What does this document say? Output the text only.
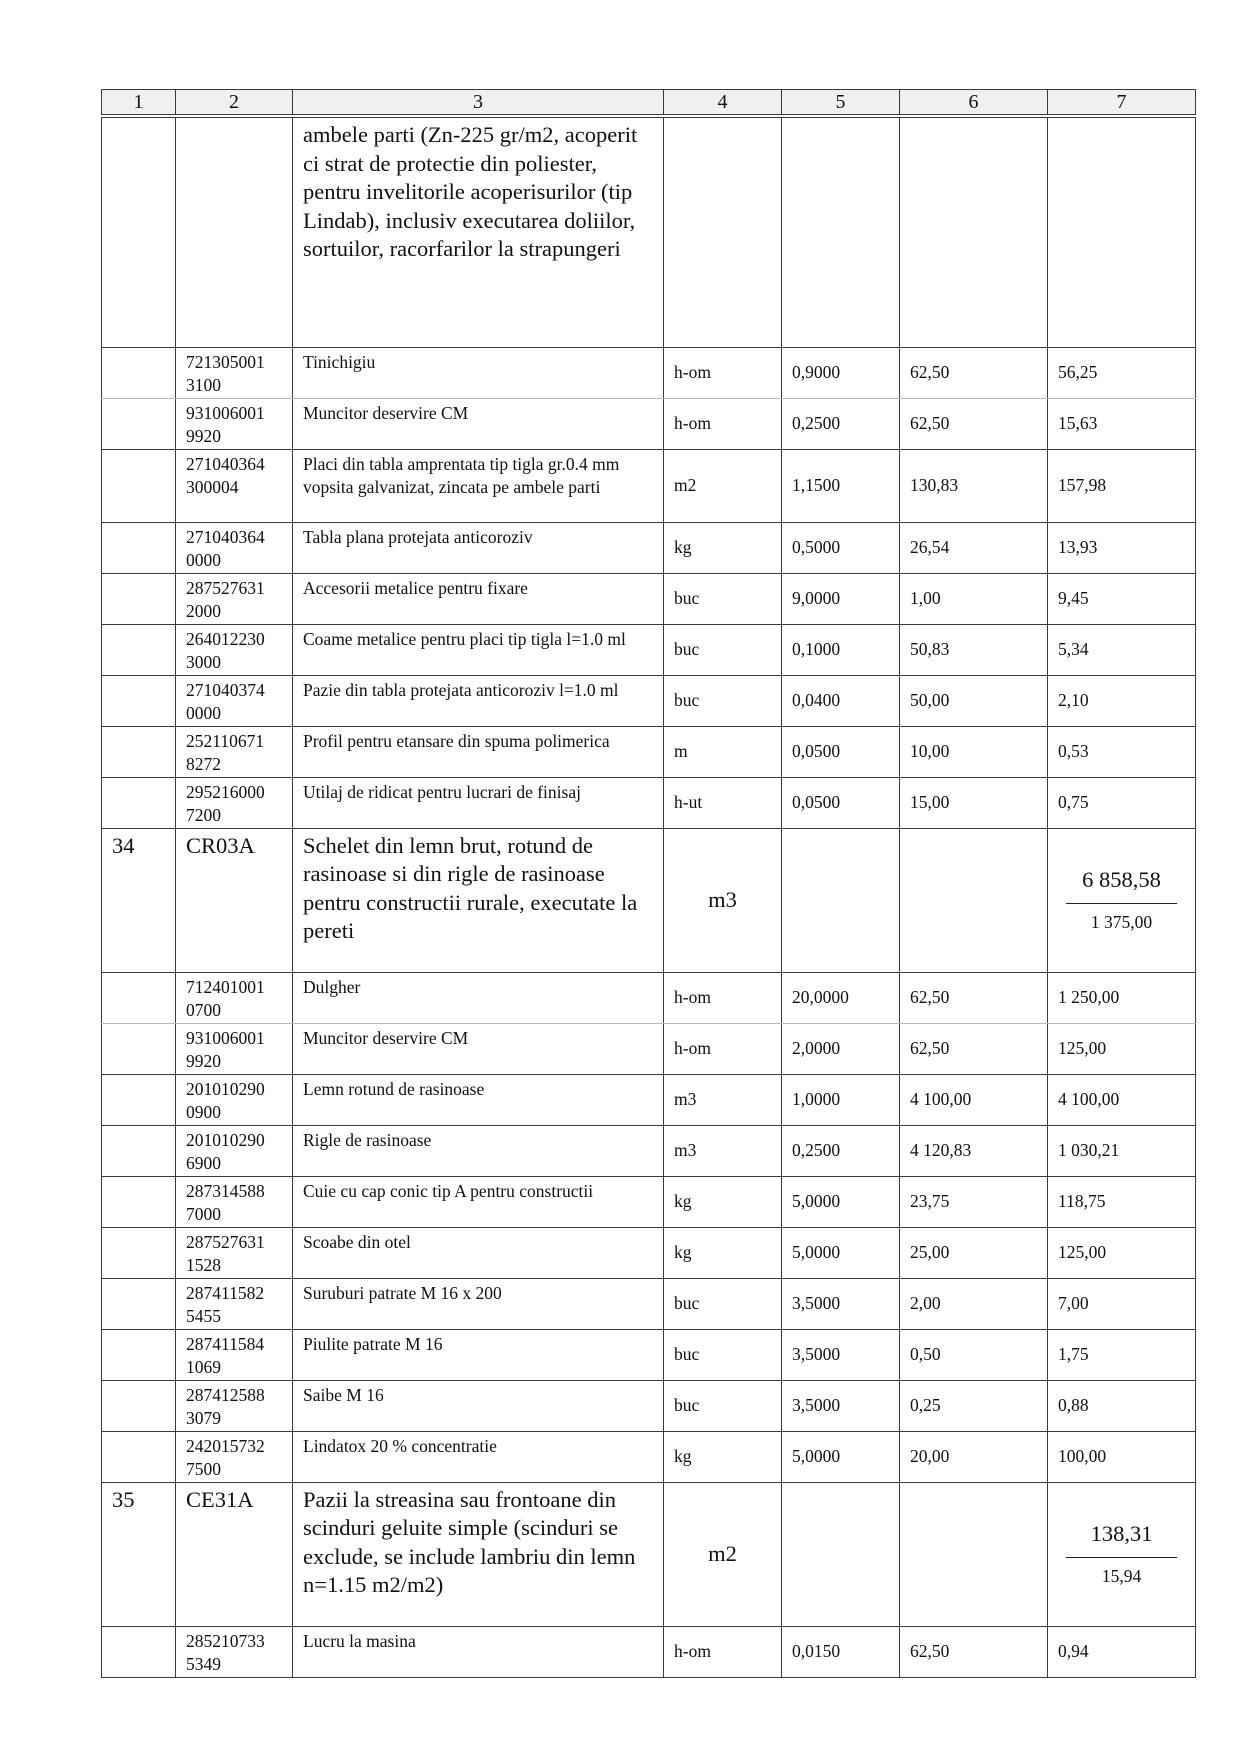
1	2	3	4	5	6	7
		ambele parti (Zn-225 gr/m2, acoperit ci strat de protectie din poliester, pentru invelitorile acoperisurilor (tip Lindab), inclusiv executarea doliilor, sortuilor, racorfarilor la strapungeri				
	721305001 3100	Tinichigiu	h-om	0,9000	62,50	56,25
	931006001 9920	Muncitor deservire CM	h-om	0,2500	62,50	15,63
	271040364 300004	Placi din tabla amprentata tip tigla gr.0.4 mm vopsita galvanizat, zincata pe ambele parti	m2	1,1500	130,83	157,98
	271040364 0000	Tabla plana protejata anticoroziv	kg	0,5000	26,54	13,93
	287527631 2000	Accesorii metalice pentru fixare	buc	9,0000	1,00	9,45
	264012230 3000	Coame metalice pentru placi tip tigla l=1.0 ml	buc	0,1000	50,83	5,34
	271040374 0000	Pazie din tabla protejata anticoroziv l=1.0 ml	buc	0,0400	50,00	2,10
	252110671 8272	Profil pentru etansare din spuma polimerica	m	0,0500	10,00	0,53
	295216000 7200	Utilaj de ridicat pentru lucrari de finisaj	h-ut	0,0500	15,00	0,75
34	CR03A	Schelet din lemn brut, rotund de rasinoase si din rigle de rasinoase pentru constructii rurale, executate la pereti	m3			6 858,58
1 375,00

	712401001 0700	Dulgher	h-om	20,0000	62,50	1 250,00
	931006001 9920	Muncitor deservire CM	h-om	2,0000	62,50	125,00
	201010290 0900	Lemn rotund de rasinoase	m3	1,0000	4 100,00	4 100,00
	201010290 6900	Rigle de rasinoase	m3	0,2500	4 120,83	1 030,21
	287314588 7000	Cuie cu cap conic tip A pentru constructii	kg	5,0000	23,75	118,75
	287527631 1528	Scoabe din otel	kg	5,0000	25,00	125,00
	287411582 5455	Suruburi patrate M 16 x 200	buc	3,5000	2,00	7,00
	287411584 1069	Piulite patrate M 16	buc	3,5000	0,50	1,75
	287412588 3079	Saibe M 16	buc	3,5000	0,25	0,88
	242015732 7500	Lindatox 20 % concentratie	kg	5,0000	20,00	100,00
35	CE31A	Pazii la streasina sau frontoane din scinduri geluite simple (scinduri se exclude, se include lambriu din lemn n=1.15 m2/m2)	m2			138,31
15,94

	285210733 5349	Lucru la masina	h-om	0,0150	62,50	0,94
